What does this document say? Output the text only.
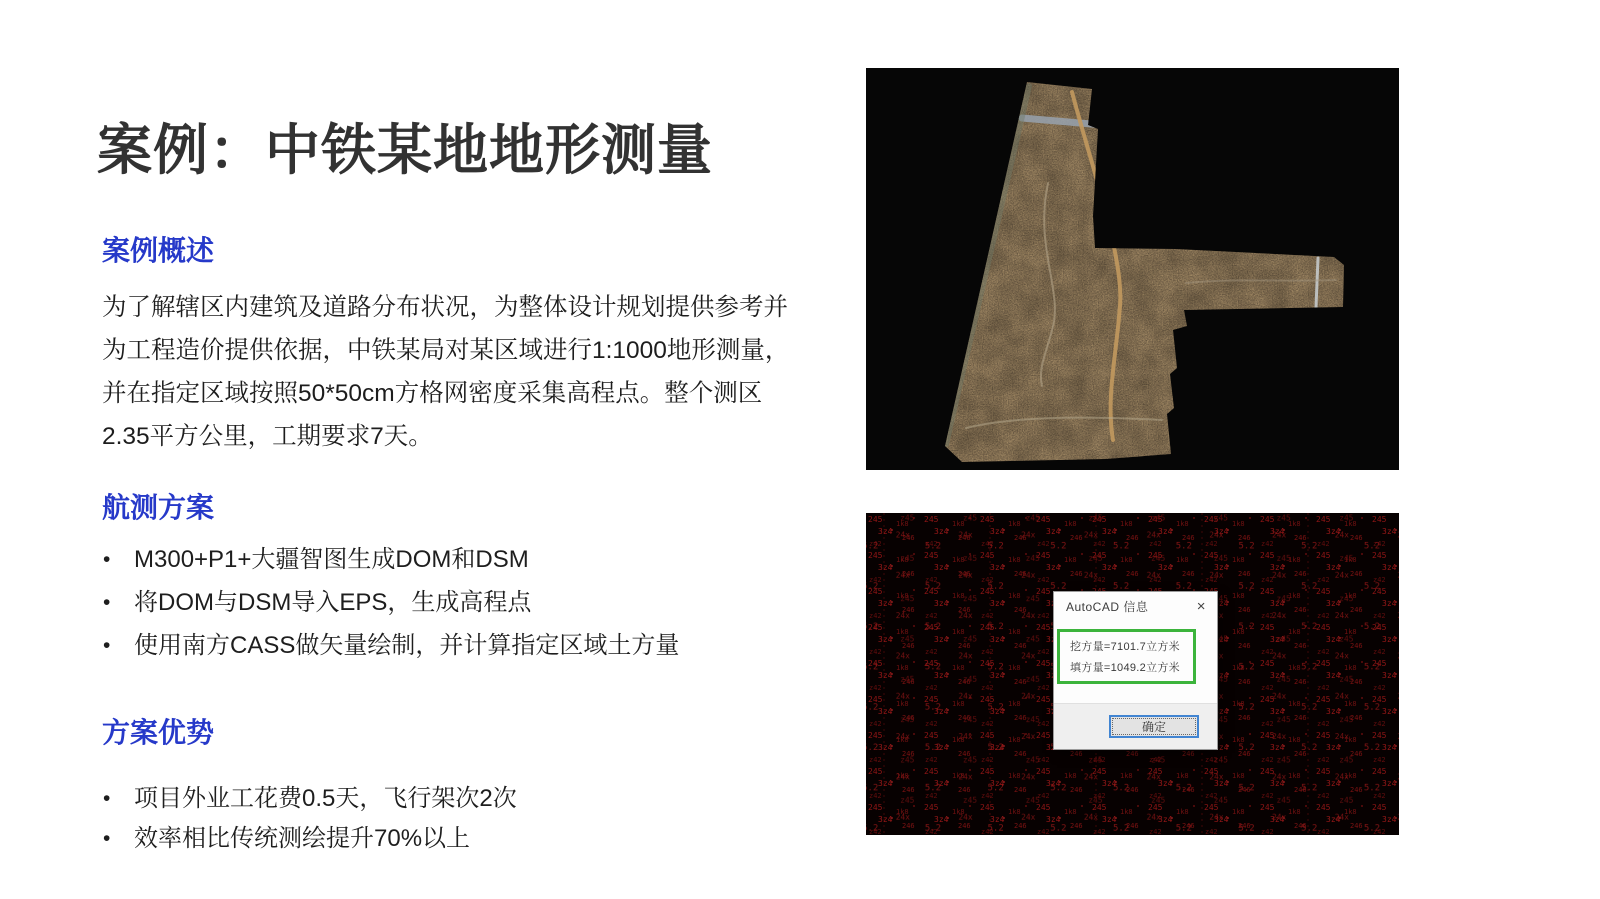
案例：中铁某地地形测量
案例概述
为了解辖区内建筑及道路分布状况，为整体设计规划提供参考并
为工程造价提供依据，中铁某局对某区域进行1:1000地形测量，
并在指定区域按照50*50cm方格网密度采集高程点。整个测区
2.35平方公里，工期要求7天。
航测方案
• M300+P1+大疆智图生成DOM和DSM
• 将DOM与DSM导入EPS，生成高程点
• 使用南方CASS做矢量绘制，并计算指定区域土方量
方案优势
• 项目外业工花费0.5天，飞行架次2次
• 效率相比传统测绘提升70%以上
AutoCAD 信息	×
挖方量=7101.7立方米
填方量=1049.2立方米
确定
